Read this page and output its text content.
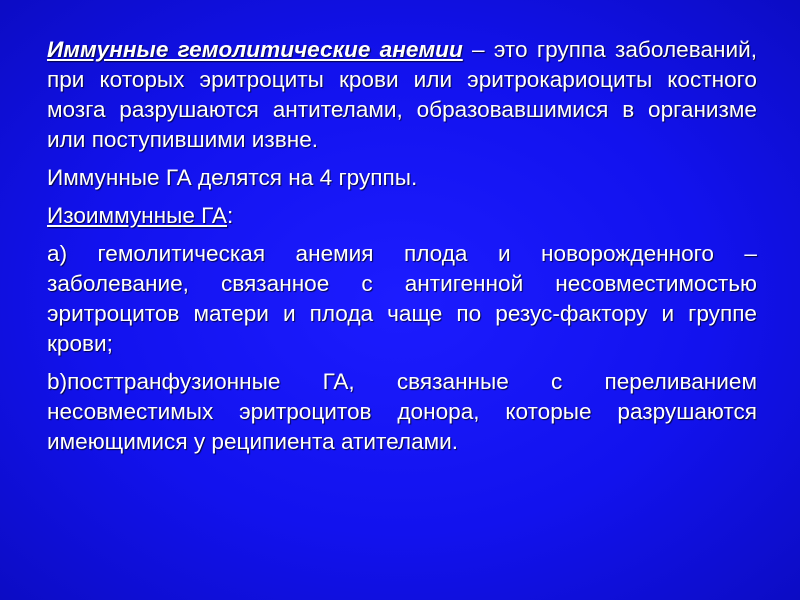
Иммунные гемолитические анемии – это группа заболеваний, при которых эритроциты крови или эритрокариоциты костного мозга разрушаются антителами, образовавшимися в организме или поступившими извне.

Иммунные ГА делятся на 4 группы.

Изоиммунные ГА:

а) гемолитическая анемия плода и новорожденного – заболевание, связанное с антигенной несовместимостью эритроцитов матери и плода чаще по резус-фактору и группе крови;

b)посттранфузионные ГА, связанные с переливанием несовместимых эритроцитов донора, которые разрушаются имеющимися у реципиента атителами.
